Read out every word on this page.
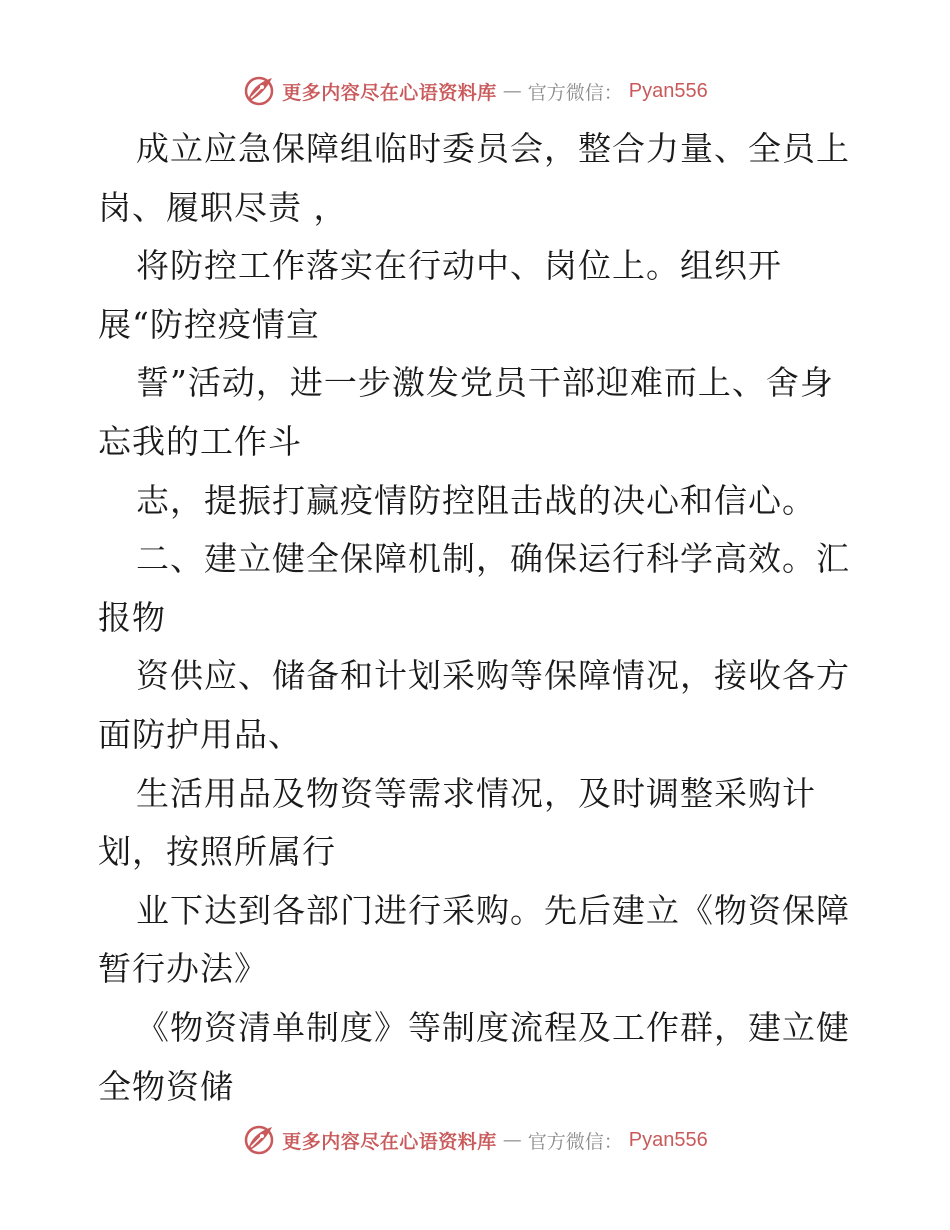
更多内容尽在心语资料库 — 官方微信： Pyan556
成立应急保障组临时委员会，整合力量、全员上
岗、履职尽责 ，
将防控工作落实在行动中、岗位上。组织开
展“防控疫情宣
誓”活动，进一步激发党员干部迎难而上、舍身
忘我的工作斗
志，提振打赢疫情防控阻击战的决心和信心。
二、建立健全保障机制，确保运行科学高效。汇
报物
资供应、储备和计划采购等保障情况，接收各方
面防护用品、
生活用品及物资等需求情况，及时调整采购计
划，按照所属行
业下达到各部门进行采购。先后建立《物资保障
暂行办法》
《物资清单制度》等制度流程及工作群，建立健
全物资储
更多内容尽在心语资料库 — 官方微信： Pyan556
